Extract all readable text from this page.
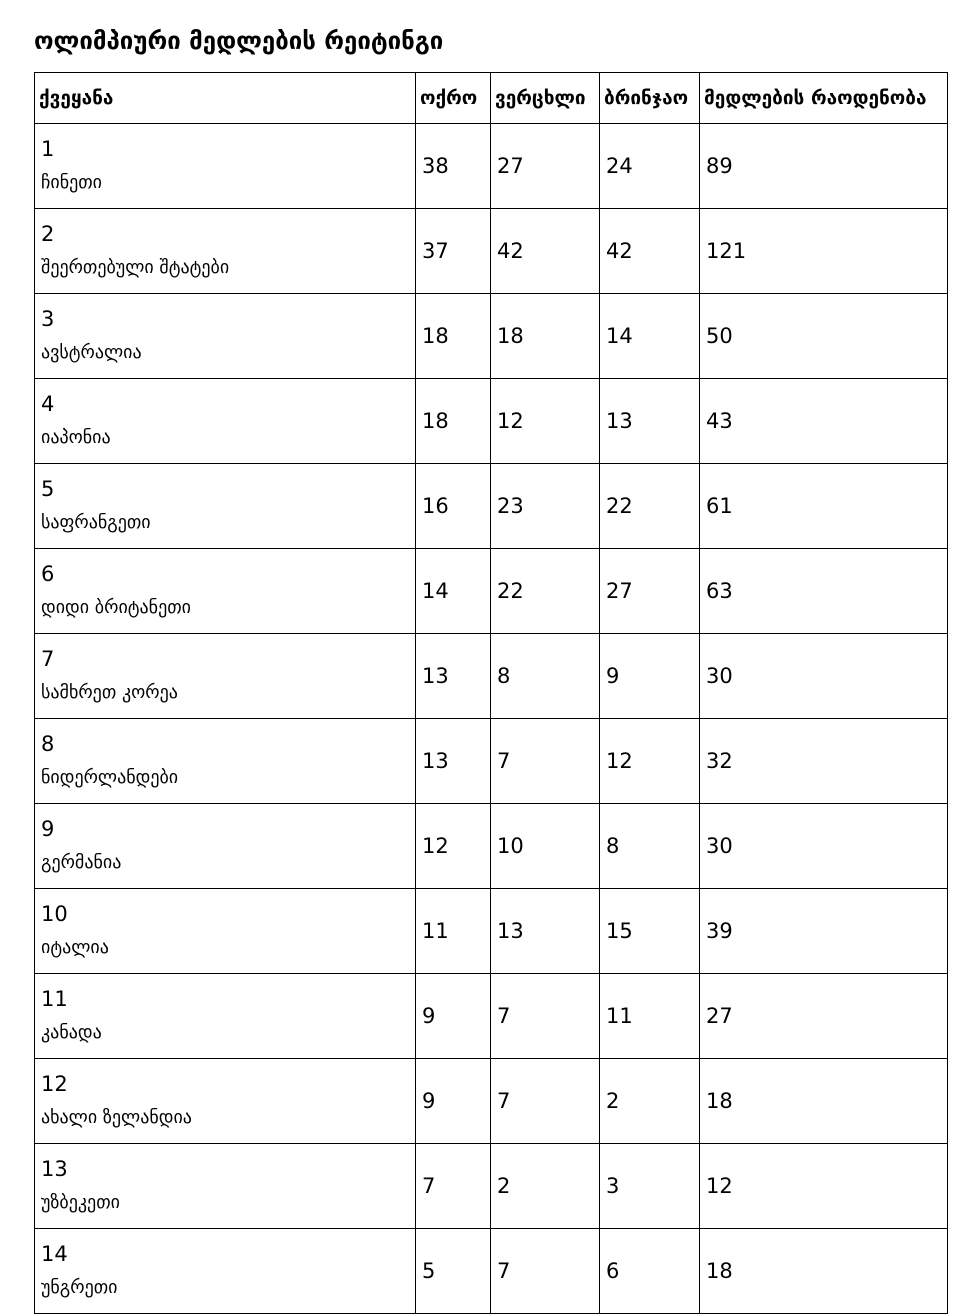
ოლიმპიური მედლების რეიტინგი
ქვეყანა	ოქრო	ვერცხლი	ბრინჯაო	მედლების რაოდენობა

1
ჩინეთი	38	27	24	89

2
შეერთებული შტატები	37	42	42	121

3
ავსტრალია	18	18	14	50

4
იაპონია	18	12	13	43

5
საფრანგეთი	16	23	22	61

6
დიდი ბრიტანეთი	14	22	27	63

7
სამხრეთ კორეა	13	8	9	30

8
ნიდერლანდები	13	7	12	32

9
გერმანია	12	10	8	30

10
იტალია	11	13	15	39

11
კანადა	9	7	11	27

12
ახალი ზელანდია	9	7	2	18

13
უზბეკეთი	7	2	3	12

14
უნგრეთი	5	7	6	18
